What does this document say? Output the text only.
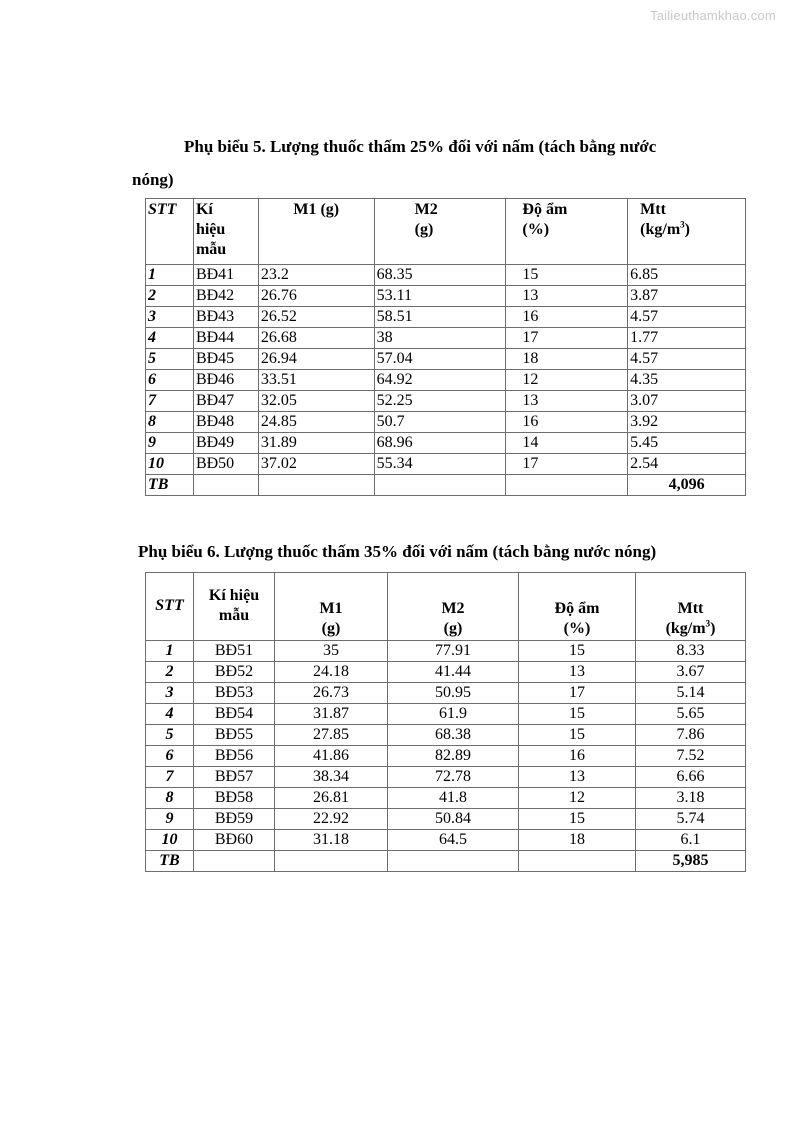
Tailieuthamkhao.com
Phụ biểu 5. Lượng thuốc thấm 25% đối với nấm (tách bằng nước
nóng)
STT	Kí
hiệu
mẫu	M1 (g)	M2
(g)	Độ ẩm
(%)	Mtt
$(kg/m^3)$
1	BĐ41	23.2	68.35	15	6.85
2	BĐ42	26.76	53.11	13	3.87
3	BĐ43	26.52	58.51	16	4.57
4	BĐ44	26.68	38	17	1.77
5	BĐ45	26.94	57.04	18	4.57
6	BĐ46	33.51	64.92	12	4.35
7	BĐ47	32.05	52.25	13	3.07
8	BĐ48	24.85	50.7	16	3.92
9	BĐ49	31.89	68.96	14	5.45
10	BĐ50	37.02	55.34	17	2.54
TB					4,096
Phụ biểu 6. Lượng thuốc thấm 35% đối với nấm (tách bằng nước nóng)
STT	Kí hiệu
mẫu	M1
(g)	M2
(g)	Độ ẩm
(%)	Mtt
$(kg/m^3)$
1	BĐ51	35	77.91	15	8.33
2	BĐ52	24.18	41.44	13	3.67
3	BĐ53	26.73	50.95	17	5.14
4	BĐ54	31.87	61.9	15	5.65
5	BĐ55	27.85	68.38	15	7.86
6	BĐ56	41.86	82.89	16	7.52
7	BĐ57	38.34	72.78	13	6.66
8	BĐ58	26.81	41.8	12	3.18
9	BĐ59	22.92	50.84	15	5.74
10	BĐ60	31.18	64.5	18	6.1
TB					5,985
